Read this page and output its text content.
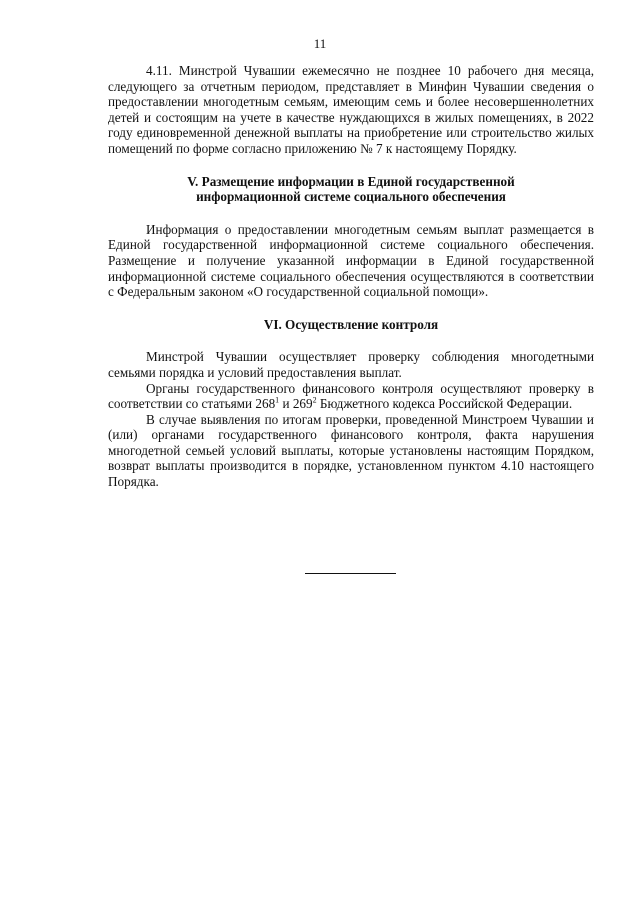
11

4.11. Минстрой Чувашии ежемесячно не позднее 10 рабочего дня месяца, следующего за отчетным периодом, представляет в Минфин Чувашии сведения о предоставлении многодетным семьям, имеющим семь и более несовершеннолетних детей и состоящим на учете в качестве нуждающихся в жилых помещениях, в 2022 году единовременной денежной выплаты на приобретение или строительство жилых помещений по форме согласно приложению № 7 к настоящему Порядку.

V. Размещение информации в Единой государственной

информационной системе социального обеспечения

Информация о предоставлении многодетным семьям выплат размещается в Единой государственной информационной системе социального обеспечения. Размещение и получение указанной информации в Единой государственной информационной системе социального обеспечения осуществляются в соответствии с Федеральным законом «О государственной социальной помощи».

VI. Осуществление контроля

Минстрой Чувашии осуществляет проверку соблюдения многодетными семьями порядка и условий предоставления выплат.

Органы государственного финансового контроля осуществляют проверку в соответствии со статьями $268^1$ и $269^2$ Бюджетного кодекса Российской Федерации.

В случае выявления по итогам проверки, проведенной Минстроем Чувашии и (или) органами государственного финансового контроля, факта нарушения многодетной семьей условий выплаты, которые установлены настоящим Порядком, возврат выплаты производится в порядке, установленном пунктом 4.10 настоящего Порядка.
